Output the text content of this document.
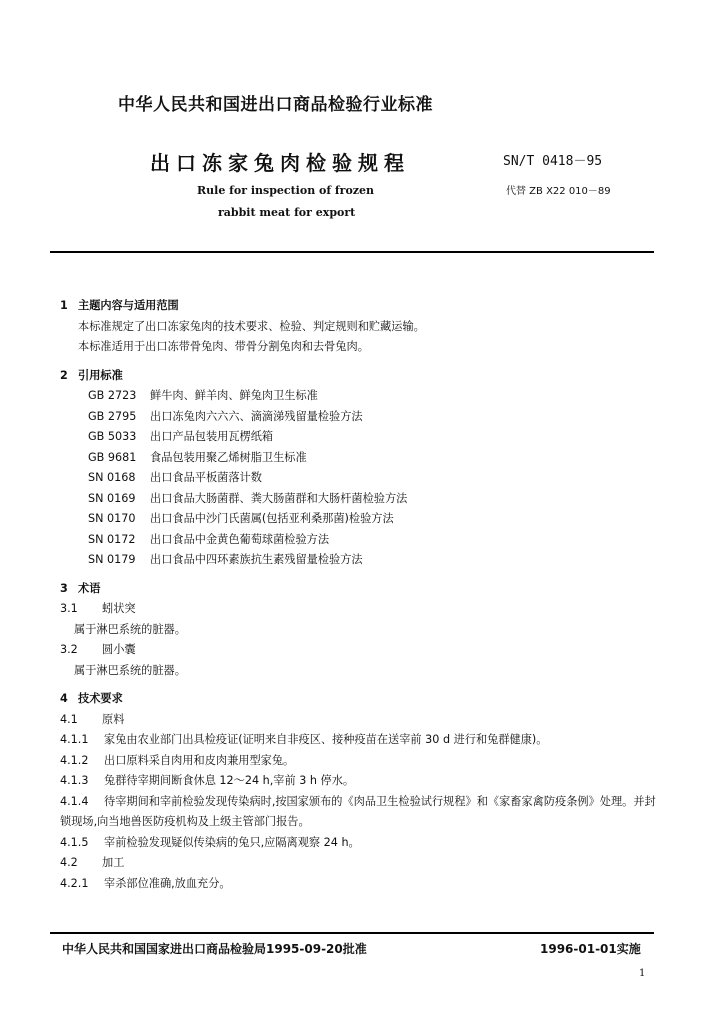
中华人民共和国进出口商品检验行业标准
出口冻家兔肉检验规程	SN/T 0418－95
Rule for inspection of frozen
rabbit meat for export
代替 ZB X22 010－89
1 主题内容与适用范围
本标准规定了出口冻家兔肉的技术要求、检验、判定规则和贮藏运输。
本标准适用于出口冻带骨兔肉、带骨分割兔肉和去骨兔肉。
2 引用标准
GB 2723 鲜牛肉、鲜羊肉、鲜兔肉卫生标准
GB 2795 出口冻兔肉六六六、滴滴涕残留量检验方法
GB 5033 出口产品包装用瓦楞纸箱
GB 9681 食品包装用聚乙烯树脂卫生标准
SN 0168 出口食品平板菌落计数
SN 0169 出口食品大肠菌群、粪大肠菌群和大肠杆菌检验方法
SN 0170 出口食品中沙门氏菌属(包括亚利桑那菌)检验方法
SN 0172 出口食品中金黄色葡萄球菌检验方法
SN 0179 出口食品中四环素族抗生素残留量检验方法
3 术语
3.1 蚓状突
属于淋巴系统的脏器。
3.2 圆小囊
属于淋巴系统的脏器。
4 技术要求
4.1 原料
4.1.1 家兔由农业部门出具检疫证(证明来自非疫区、接种疫苗在送宰前 30 d 进行和兔群健康)。
4.1.2 出口原料采自肉用和皮肉兼用型家兔。
4.1.3 兔群待宰期间断食休息 12～24 h,宰前 3 h 停水。
4.1.4 待宰期间和宰前检验发现传染病时,按国家颁布的《肉品卫生检验试行规程》和《家畜家禽防疫条例》处理。并封锁现场,向当地兽医防疫机构及上级主管部门报告。
4.1.5 宰前检验发现疑似传染病的兔只,应隔离观察 24 h。
4.2 加工
4.2.1 宰杀部位准确,放血充分。
中华人民共和国国家进出口商品检验局1995-09-20批准	1996-01-01实施
1
